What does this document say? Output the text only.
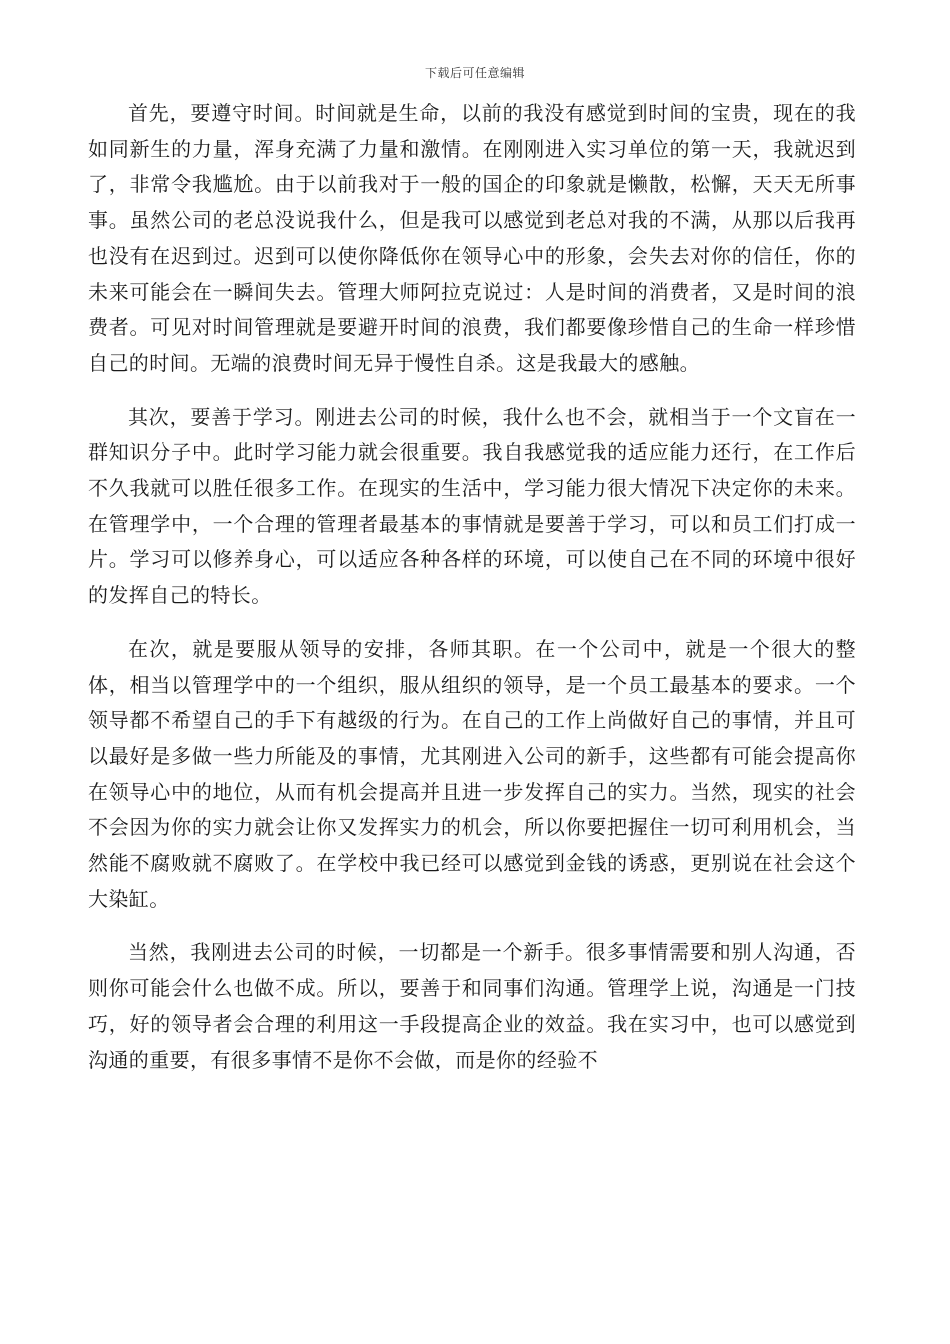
下载后可任意编辑

首先，要遵守时间。时间就是生命，以前的我没有感觉到时间的宝贵，现在的我如同新生的力量，浑身充满了力量和激情。在刚刚进入实习单位的第一天，我就迟到了，非常令我尴尬。由于以前我对于一般的国企的印象就是懒散，松懈，天天无所事事。虽然公司的老总没说我什么，但是我可以感觉到老总对我的不满，从那以后我再也没有在迟到过。迟到可以使你降低你在领导心中的形象，会失去对你的信任，你的未来可能会在一瞬间失去。管理大师阿拉克说过：人是时间的消费者，又是时间的浪费者。可见对时间管理就是要避开时间的浪费，我们都要像珍惜自己的生命一样珍惜自己的时间。无端的浪费时间无异于慢性自杀。这是我最大的感触。

其次，要善于学习。刚进去公司的时候，我什么也不会，就相当于一个文盲在一群知识分子中。此时学习能力就会很重要。我自我感觉我的适应能力还行，在工作后不久我就可以胜任很多工作。在现实的生活中，学习能力很大情况下决定你的未来。在管理学中，一个合理的管理者最基本的事情就是要善于学习，可以和员工们打成一片。学习可以修养身心，可以适应各种各样的环境，可以使自己在不同的环境中很好的发挥自己的特长。

在次，就是要服从领导的安排，各师其职。在一个公司中，就是一个很大的整体，相当以管理学中的一个组织，服从组织的领导，是一个员工最基本的要求。一个领导都不希望自己的手下有越级的行为。在自己的工作上尚做好自己的事情，并且可以最好是多做一些力所能及的事情，尤其刚进入公司的新手，这些都有可能会提高你在领导心中的地位，从而有机会提高并且进一步发挥自己的实力。当然，现实的社会不会因为你的实力就会让你又发挥实力的机会，所以你要把握住一切可利用机会，当然能不腐败就不腐败了。在学校中我已经可以感觉到金钱的诱惑，更别说在社会这个大染缸。

当然，我刚进去公司的时候，一切都是一个新手。很多事情需要和别人沟通，否则你可能会什么也做不成。所以，要善于和同事们沟通。管理学上说，沟通是一门技巧，好的领导者会合理的利用这一手段提高企业的效益。我在实习中，也可以感觉到沟通的重要，有很多事情不是你不会做，而是你的经验不
